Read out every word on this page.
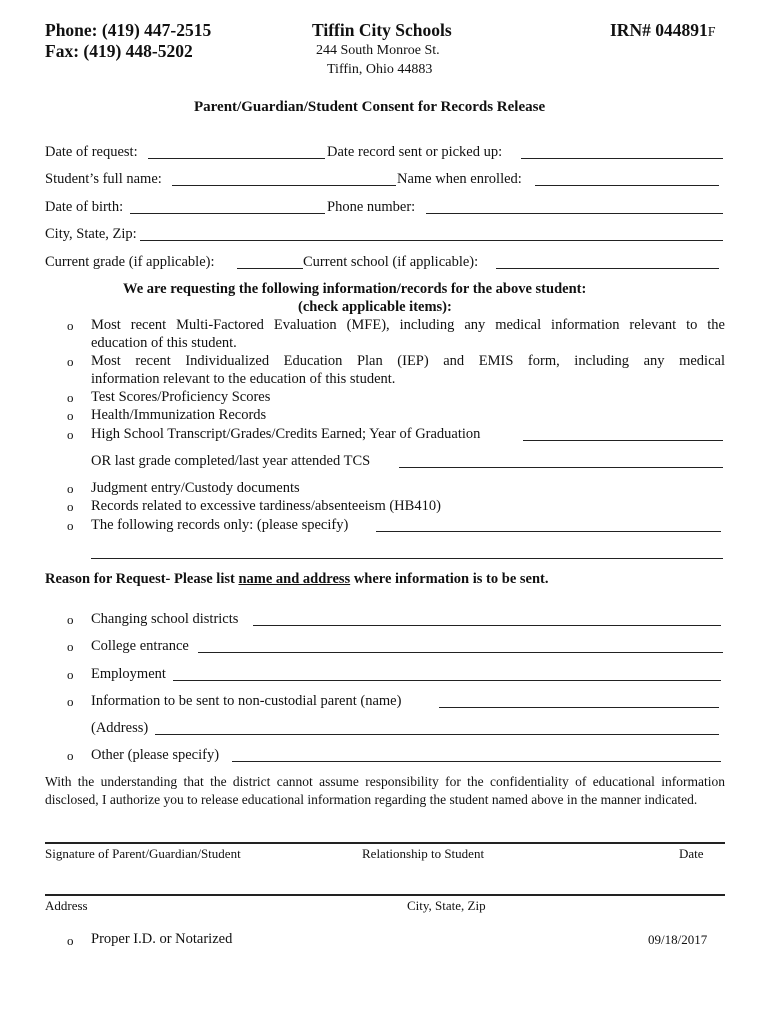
Phone: (419) 447-2515
Fax: (419) 448-5202
Tiffin City Schools
244 South Monroe St.
Tiffin, Ohio 44883
IRN# 044891F
Parent/Guardian/Student Consent for Records Release
Date of request:	Date record sent or picked up:
Student’s full name:	Name when enrolled:
Date of birth:	Phone number:
City, State, Zip:
Current grade (if applicable):	Current school (if applicable):
We are requesting the following information/records for the above student:
(check applicable items):
o Most recent Multi-Factored Evaluation (MFE), including any medical information relevant to the
education of this student.
o Most recent Individualized Education Plan (IEP) and EMIS form, including any medical
information relevant to the education of this student.
o Test Scores/Proficiency Scores
o Health/Immunization Records
o High School Transcript/Grades/Credits Earned; Year of Graduation
OR last grade completed/last year attended TCS
o Judgment entry/Custody documents
o Records related to excessive tardiness/absenteeism (HB410)
o The following records only: (please specify)
Reason for Request- Please list name and address where information is to be sent.
o Changing school districts
o College entrance
o Employment
o Information to be sent to non-custodial parent (name)
(Address)
o Other (please specify)
With the understanding that the district cannot assume responsibility for the confidentiality of educational information disclosed, I authorize you to release educational information regarding the student named above in the manner indicated.
Signature of Parent/Guardian/Student	Relationship to Student	Date
Address	City, State, Zip
o Proper I.D. or Notarized	09/18/2017
